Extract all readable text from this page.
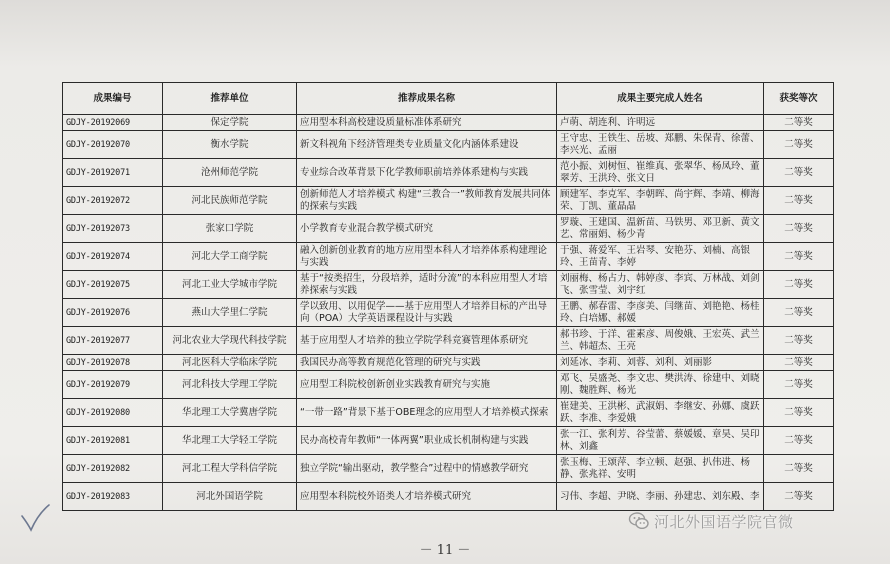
成果编号	推荐单位	推荐成果名称	成果主要完成人姓名	获奖等次
GDJY-20192069	保定学院	应用型本科高校建设质量标准体系研究	卢萌、胡连利、许明远	二等奖
GDJY-20192070	衡水学院	新文科视角下经济管理类专业质量文化内涵体系建设	王守忠、王铁生、岳坡、郑鹏、朱保青、徐蕾、李兴光、孟丽	二等奖
GDJY-20192071	沧州师范学院	专业综合改革背景下化学教师职前培养体系建构与实践	范小振、刘树恒、崔维真、张翠华、杨凤玲、董翠芳、王洪玲、张文日	二等奖
GDJY-20192072	河北民族师范学院	创新师范人才培养模式 构建“三教合一”教师教育发展共同体的探索与实践	顾建军、李克军、李朝晖、尚宇辉、李靖、柳海荣、丁凯、董晶晶	二等奖
GDJY-20192073	张家口学院	小学教育专业混合教学模式研究	罗璇、王建国、温新苗、马铁男、邓卫新、黄文艺、常丽娟、杨少青	二等奖
GDJY-20192074	河北大学工商学院	融入创新创业教育的地方应用型本科人才培养体系构建理论与实践	于强、蒋爱军、王岩琴、安艳芬、刘楠、高银玲、王苗青、李婷	二等奖
GDJY-20192075	河北工业大学城市学院	基于“按类招生，分段培养，适时分流”的本科应用型人才培养探索与实践	刘丽梅、杨占力、韩婷彦、李宾、万林战、刘剑飞、张雪莹、刘宇红	二等奖
GDJY-20192076	燕山大学里仁学院	学以致用、以用促学——基于应用型人才培养目标的产出导向（POA）大学英语课程设计与实践	王鹏、郝春雷、李彦美、闫继苗、刘艳艳、杨桂玲、白培娜、郝媛	二等奖
GDJY-20192077	河北农业大学现代科技学院	基于应用型人才培养的独立学院学科竞赛管理体系研究	郝书珍、于洋、霍素彦、周俊娥、王宏英、武兰兰、韩超杰、王亮	二等奖
GDJY-20192078	河北医科大学临床学院	我国民办高等教育规范化管理的研究与实践	刘延冰、李莉、刘蓉、刘利、刘丽影	二等奖
GDJY-20192079	河北科技大学理工学院	应用型工科院校创新创业实践教育研究与实施	邓飞、吴盛尧、李文忠、樊洪涛、徐建中、刘晓刚、魏胜辉、杨光	二等奖
GDJY-20192080	华北理工大学冀唐学院	“一带一路”背景下基于OBE理念的应用型人才培养模式探索	崔建美、王洪彬、武淑娟、李继安、孙娜、虞跃跃、李准、李爱娥	二等奖
GDJY-20192081	华北理工大学轻工学院	民办高校青年教师“一体两翼”职业成长机制构建与实践	张一江、张利芳、谷莹蕾、蔡媛媛、章昊、吴印林、刘鑫	二等奖
GDJY-20192082	河北工程大学科信学院	独立学院“输出驱动，教学整合”过程中的情感教学研究	张玉梅、王颂萍、李立顿、赵强、扒伟进、杨静、张兆祥、安明	二等奖
GDJY-20192083	河北外国语学院	应用型本科院校外语类人才培养模式研究	习伟、李超、尹晓、李丽、孙建忠、刘东殿、李	二等奖
河北外国语学院官微
－ 11 －
